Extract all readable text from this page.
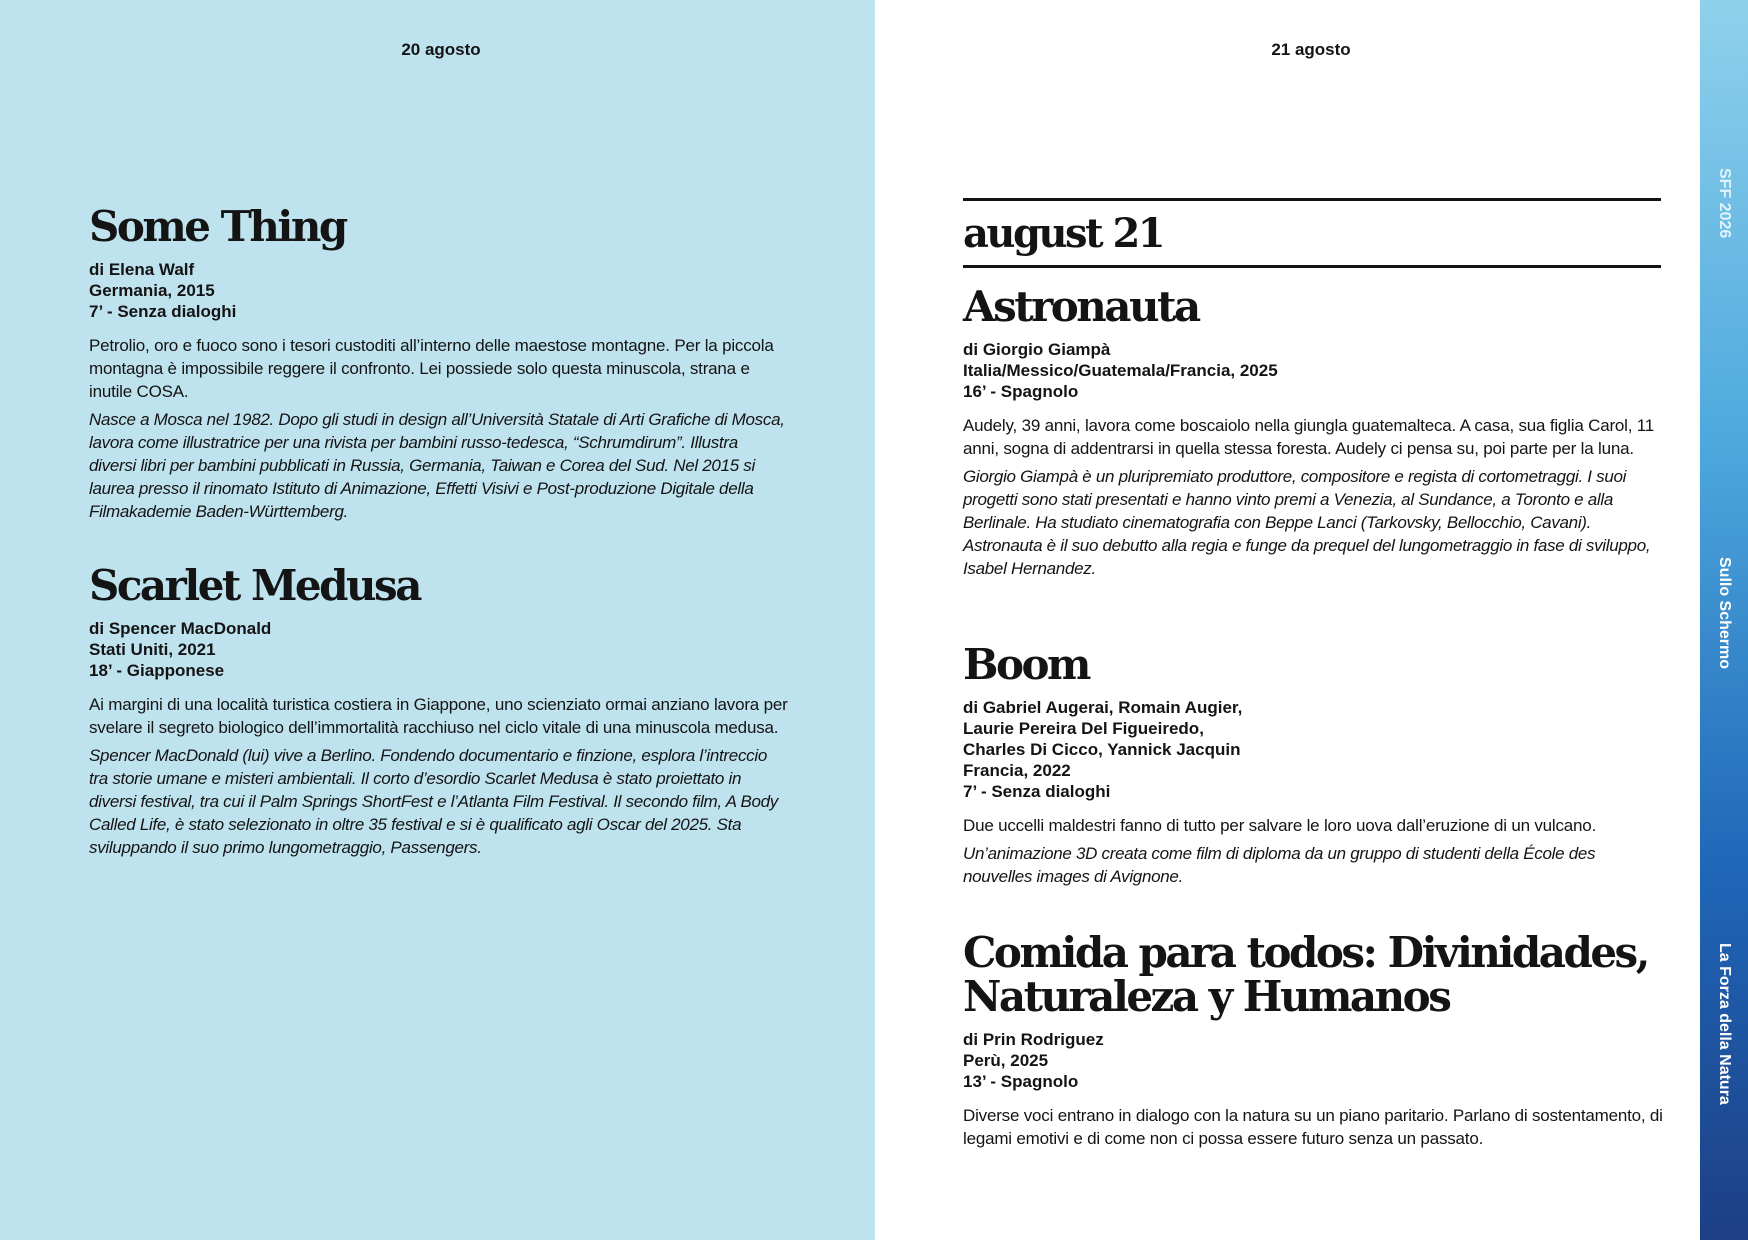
20 agosto	21 agosto
Some Thing
di Elena Walf
Germania, 2015
7’ - Senza dialoghi

Petrolio, oro e fuoco sono i tesori custoditi all’interno delle maestose montagne. Per la piccola montagna è impossibile reggere il confronto. Lei possiede solo questa minuscola, strana e inutile COSA.

Nasce a Mosca nel 1982. Dopo gli studi in design all’Università Statale di Arti Grafiche di Mosca, lavora come illustratrice per una rivista per bambini russo-tedesca, “Schrumdirum”. Illustra diversi libri per bambini pubblicati in Russia, Germania, Taiwan e Corea del Sud. Nel 2015 si laurea presso il rinomato Istituto di Animazione, Effetti Visivi e Post-produzione Digitale della Filmakademie Baden-Württemberg.

Scarlet Medusa
di Spencer MacDonald
Stati Uniti, 2021
18’ - Giapponese

Ai margini di una località turistica costiera in Giappone, uno scienziato ormai anziano lavora per svelare il segreto biologico dell’immortalità racchiuso nel ciclo vitale di una minuscola medusa.

Spencer MacDonald (lui) vive a Berlino. Fondendo documentario e finzione, esplora l’intreccio tra storie umane e misteri ambientali. Il corto d’esordio Scarlet Medusa è stato proiettato in diversi festival, tra cui il Palm Springs ShortFest e l’Atlanta Film Festival. Il secondo film, A Body Called Life, è stato selezionato in oltre 35 festival e si è qualificato agli Oscar del 2025. Sta sviluppando il suo primo lungometraggio, Passengers.

august 21
Astronauta
di Giorgio Giampà
Italia/Messico/Guatemala/Francia, 2025
16’ - Spagnolo

Audely, 39 anni, lavora come boscaiolo nella giungla guatemalteca. A casa, sua figlia Carol, 11 anni, sogna di addentrarsi in quella stessa foresta. Audely ci pensa su, poi parte per la luna.

Giorgio Giampà è un pluripremiato produttore, compositore e regista di cortometraggi. I suoi progetti sono stati presentati e hanno vinto premi a Venezia, al Sundance, a Toronto e alla Berlinale. Ha studiato cinematografia con Beppe Lanci (Tarkovsky, Bellocchio, Cavani). Astronauta è il suo debutto alla regia e funge da prequel del lungometraggio in fase di sviluppo, Isabel Hernandez.

Boom
di Gabriel Augerai, Romain Augier,
Laurie Pereira Del Figueiredo,
Charles Di Cicco, Yannick Jacquin
Francia, 2022
7’ - Senza dialoghi

Due uccelli maldestri fanno di tutto per salvare le loro uova dall’eruzione di un vulcano.

Un’animazione 3D creata come film di diploma da un gruppo di studenti della École des nouvelles images di Avignone.

Comida para todos: Divinidades,
Naturaleza y Humanos
di Prin Rodriguez
Perù, 2025
13’ - Spagnolo

Diverse voci entrano in dialogo con la natura su un piano paritario. Parlano di sostentamento, di legami emotivi e di come non ci possa essere futuro senza un passato.

SFF 2026
Sullo Schermo
La Forza della Natura
